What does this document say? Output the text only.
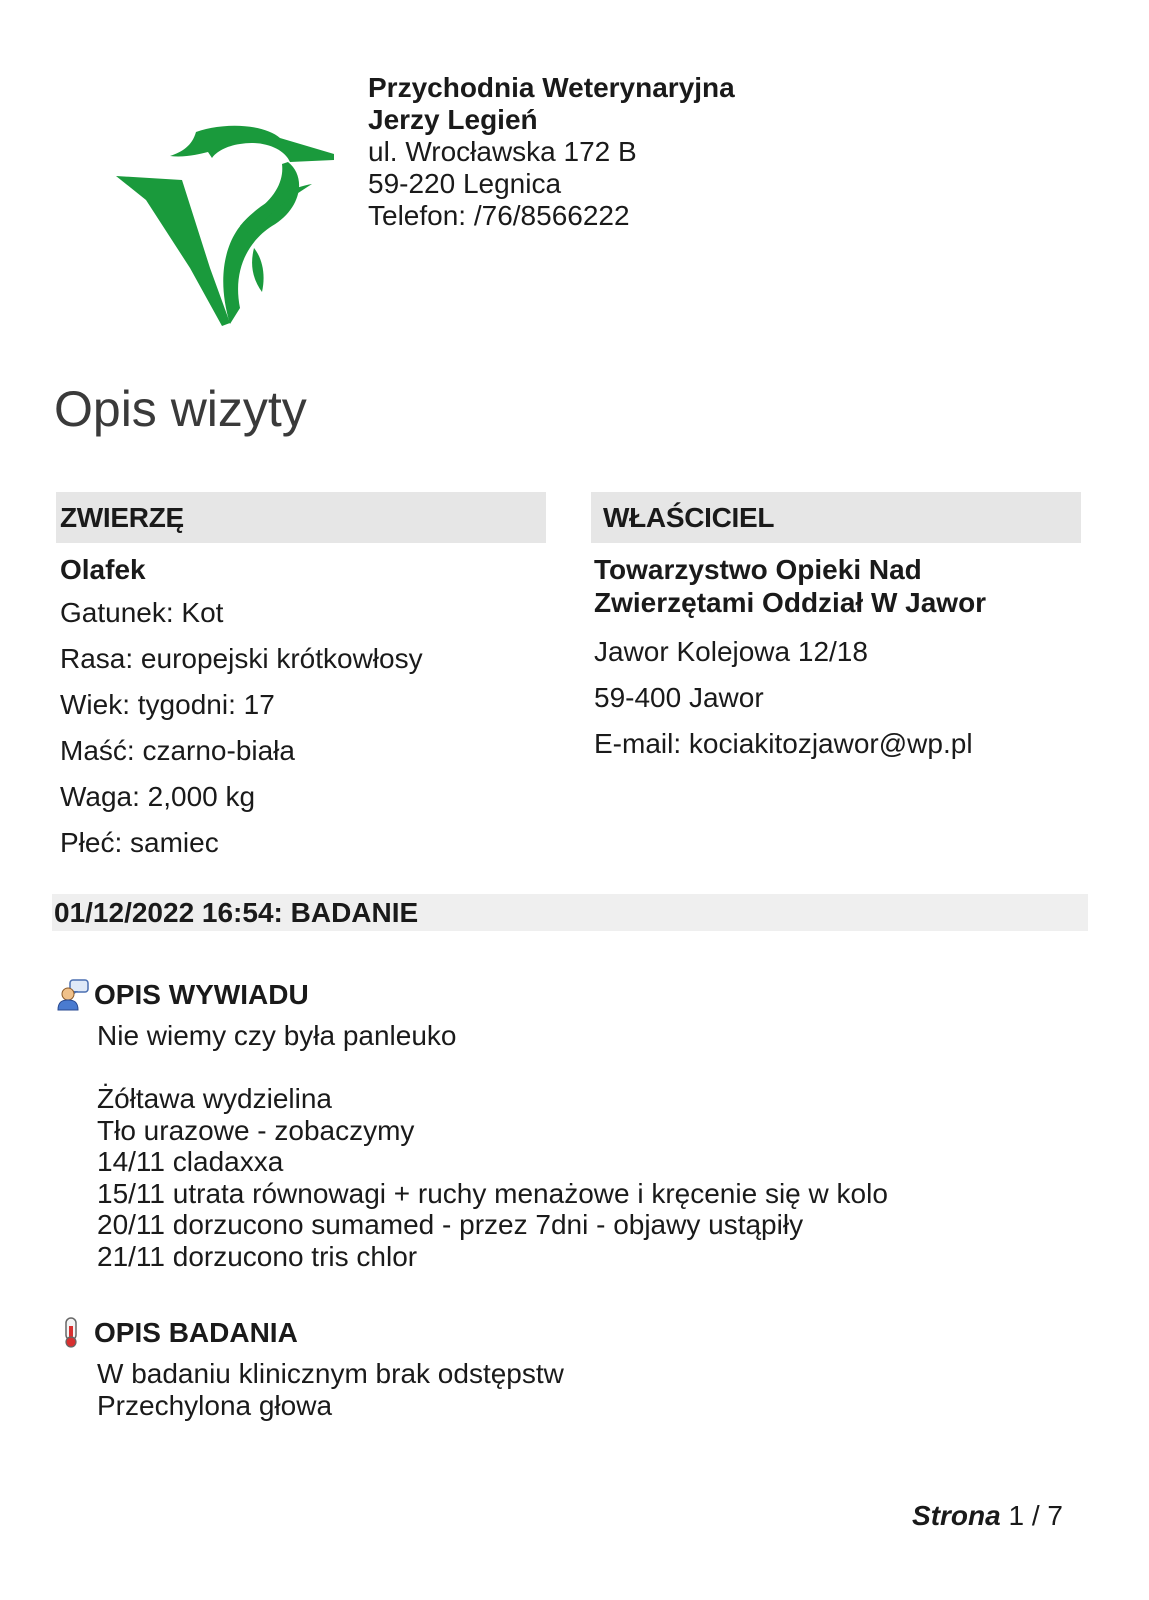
Przychodnia Weterynaryjna
Jerzy Legień
ul. Wrocławska 172 B
59-220 Legnica
Telefon: /76/8566222
Opis wizyty
ZWIERZĘ
Olafek
Gatunek: Kot
Rasa: europejski krótkowłosy
Wiek: tygodni: 17
Maść: czarno-biała
Waga: 2,000 kg
Płeć: samiec
WŁAŚCICIEL
Towarzystwo Opieki Nad
Zwierzętami Oddział W Jawor
Jawor Kolejowa 12/18
59-400 Jawor
E-mail: kociakitozjawor@wp.pl
01/12/2022 16:54: BADANIE
OPIS WYWIADU
Nie wiemy czy była panleuko

Żółtawa wydzielina
Tło urazowe - zobaczymy
14/11 cladaxxa
15/11 utrata równowagi + ruchy menażowe i kręcenie się w kolo
20/11 dorzucono sumamed - przez 7dni - objawy ustąpiły
21/11 dorzucono tris chlor
OPIS BADANIA
W badaniu klinicznym brak odstępstw
Przechylona głowa
Strona 1 / 7
